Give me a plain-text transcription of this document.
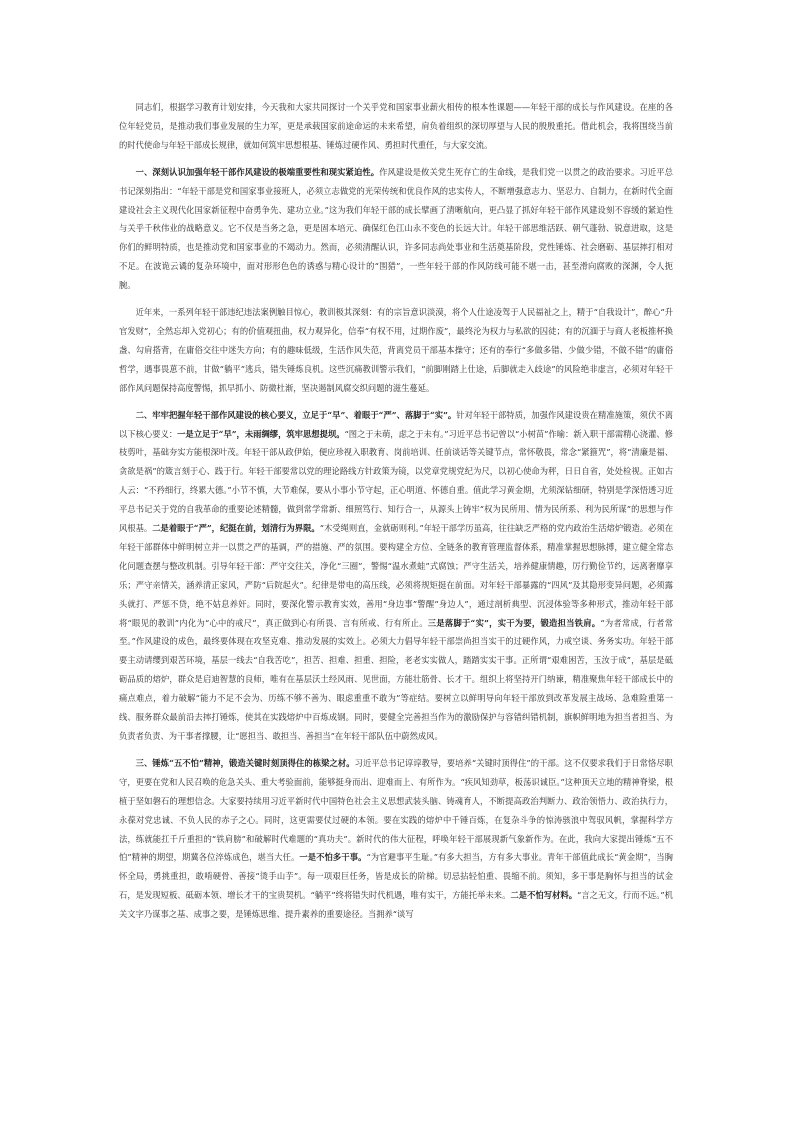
同志们，根据学习教育计划安排，今天我和大家共同探讨一个关乎党和国家事业薪火相传的根本性课题——年轻干部的成长与作风建设。在座的各位年轻党员，是推动我们事业发展的生力军，更是承载国家前途命运的未来希望，肩负着组织的深切厚望与人民的殷殷重托。借此机会，我将围绕当前的时代使命与年轻干部成长规律，就如何筑牢思想根基、锤炼过硬作风、勇担时代重任，与大家交流。

一、深刻认识加强年轻干部作风建设的极端重要性和现实紧迫性。作风建设是攸关党生死存亡的生命线，是我们党一以贯之的政治要求。习近平总书记深刻指出：“年轻干部是党和国家事业接班人，必须立志做党的光荣传统和优良作风的忠实传人，不断增强意志力、坚忍力、自制力，在新时代全面建设社会主义现代化国家新征程中奋勇争先、建功立业。”这为我们年轻干部的成长擘画了清晰航向，更凸显了抓好年轻干部作风建设刻不容缓的紧迫性与关乎千秋伟业的战略意义。它不仅是当务之急，更是固本培元、确保红色江山永不变色的长远大计。年轻干部思维活跃、朝气蓬勃、锐意进取，这是你们的鲜明特质，也是推动党和国家事业的不竭动力。然而，必须清醒认识，许多同志尚处事业和生活奠基阶段，党性锤炼、社会磨砺、基层摔打相对不足。在波诡云谲的复杂环境中，面对形形色色的诱惑与精心设计的“围猎”，一些年轻干部的作风防线可能不堪一击，甚至滑向腐败的深渊，令人扼腕。

近年来，一系列年轻干部违纪违法案例触目惊心，教训极其深刻：有的宗旨意识淡漠，将个人仕途凌驾于人民福祉之上，精于“自我设计”，醉心“升官发财”，全然忘却入党初心；有的价值观扭曲，权力观异化，信奉“有权不用，过期作废”，最终沦为权力与私欲的囚徒；有的沉湎于与商人老板推杯换盏、勾肩搭背，在庸俗交往中迷失方向；有的趣味低级，生活作风失范，背离党员干部基本操守；还有的奉行“多做多错、少做少错，不做不错”的庸俗哲学，遇事畏葸不前，甘做“躺平”逃兵，错失锤炼良机。这些沉痛教训警示我们，“前脚刚踏上仕途，后脚就走入歧途”的风险绝非虚言，必须对年轻干部作风问题保持高度警惕，抓早抓小、防微杜渐，坚决遏制风腐交织问题的滋生蔓延。

二、牢牢把握年轻干部作风建设的核心要义，立足于“早”、着眼于“严”、落脚于“实”。针对年轻干部特质，加强作风建设贵在精准施策，须伏不离以下核心要义：一是立足于“早”，未雨绸缪，筑牢思想提坝。“图之于未萌，虑之于未有。”习近平总书记曾以“小树苗”作喻：新入职干部需精心浇灌、修枝剪叶，基础夯实方能根深叶茂。年轻干部从政伊始，便应珍视入职教育、岗前培训、任前谈话等关键节点，常怀敬畏，常念“紧箍咒”，将“清廉是福、贪欲是祸”的箴言刻于心、践于行。年轻干部要常以党的理论路线方针政策为镜，以党章党规党纪为尺，以初心使命为秤，日日自省，处处检视。正如古人云：“不矜细行，终累大德。”小节不慎，大节难保，要从小事小节守起，正心明道、怀德自重。值此学习黄金期，尤须深钻细研，特别是学深悟透习近平总书记关于党的自我革命的重要论述精髓，做到常学常新、细照笃行、知行合一，从源头上铸牢“权为民所用、情为民所系、利为民所谋”的思想与作风根基。二是着眼于“严”，纪挺在前，划清行为界限。“木受绳则直，金就砺则利。”年轻干部学历虽高，往往缺乏严格的党内政治生活熔炉锻造。必须在年轻干部群体中鲜明树立并一以贯之严的基调，严的措施、严的氛围。要构建全方位、全链条的教育管理监督体系，精准掌握思想脉搏，建立健全常态化问题查摆与整改机制。引导年轻干部：严守交往关，净化“三圈”，警惕“温水煮蛙”式腐蚀；严守生活关，培养健康情趣，厉行勤俭节约，远离奢靡享乐；严守亲情关，涵养清正家风，严防“后院起火”。纪律是带电的高压线，必须将规矩挺在前面。对年轻干部暴露的“四风”及其隐形变异问题，必须露头就打、严惩不贷，绝不姑息养奸。同时，要深化警示教育实效，善用“身边事”警醒“身边人”，通过剖析典型、沉浸体验等多种形式，推动年轻干部将“眼见的教训”内化为“心中的戒尺”，真正做到心有所畏、言有所戒、行有所止。三是落脚于“实”，实干为要，锻造担当铁肩。“为者常成，行者常至。”作风建设的成色，最终要体现在攻坚克难、推动发展的实效上。必须大力倡导年轻干部崇尚担当实干的过硬作风，力戒空谈、务务实功。年轻干部要主动请缨到艰苦环境，基层一线去“自我苦吃”，担苦、担难、担重、担险，老老实实做人，踏踏实实干事。正所谓“艰难困苦，玉汝于成”，基层是砥砺品质的熔炉，群众是启迪智慧的良师，唯有在基层沃土经风雨、见世面，方能壮筋骨、长才干。组织上将坚持开门纳谏，精准聚焦年轻干部成长中的痛点难点，着力破解“能力不足不会为、历练不够不善为、眼虑重重不敢为”等症结。要树立以鲜明导向年轻干部放到改革发展主战场、急难险重第一线、服务群众最前沿去摔打锤炼，使其在实践熔炉中百炼成钢。同时，要健全完善担当作为的激励保护与容错纠错机制，旗帜鲜明地为担当者担当、为负责者负责、为干事者撑腰，让“愿担当、敢担当、善担当”在年轻干部队伍中蔚然成风。

三、锤炼“五不怕”精神，锻造关键时刻顶得住的栋梁之材。习近平总书记谆谆教导，要培养“关键时顶得住”的干部。这不仅要求我们于日常恪尽职守，更要在党和人民召唤的危急关头、重大考验面前，能够挺身而出、迎难而上、有所作为。“疾风知劲草，板荡识诚臣。”这种顶天立地的精神脊梁，根植于坚如磐石的理想信念。大家要持续用习近平新时代中国特色社会主义思想武装头脑、铸魂育人，不断提高政治判断力、政治领悟力、政治执行力，永葆对党忠诚、不负人民的赤子之心。同时，这更需要仗过硬的本领。要在实践的熔炉中千锤百炼，在复杂斗争的惊涛骇浪中驾驭风帆，掌握科学方法，练就能扛千斤重担的“铁肩膀”和破解时代难题的“真功夫”。新时代的伟大征程，呼唤年轻干部展现新气象新作为。在此，我向大家提出锤炼“五不怕”精神的期望，期冀各位淬炼成色，堪当大任。一是不怕多干事。“为官避事平生耻。”有多大担当，方有多大事业。青年干部值此成长“黄金期”，当胸怀全局，勇挑重担，敢啃硬骨、善接“烫手山芋”。每一项艰巨任务，皆是成长的阶梯。切忌拈轻怕重、畏缩不前。须知，多干事是胸怀与担当的试金石，是发现短板、砥砺本领、增长才干的宝贵契机。“躺平”终将错失时代机遇，唯有实干，方能托举未来。二是不怕写材料。“言之无文，行而不远。”机关文字乃谋事之基、成事之要，是锤炼思维、提升素养的重要途径。当拥养“谈写
